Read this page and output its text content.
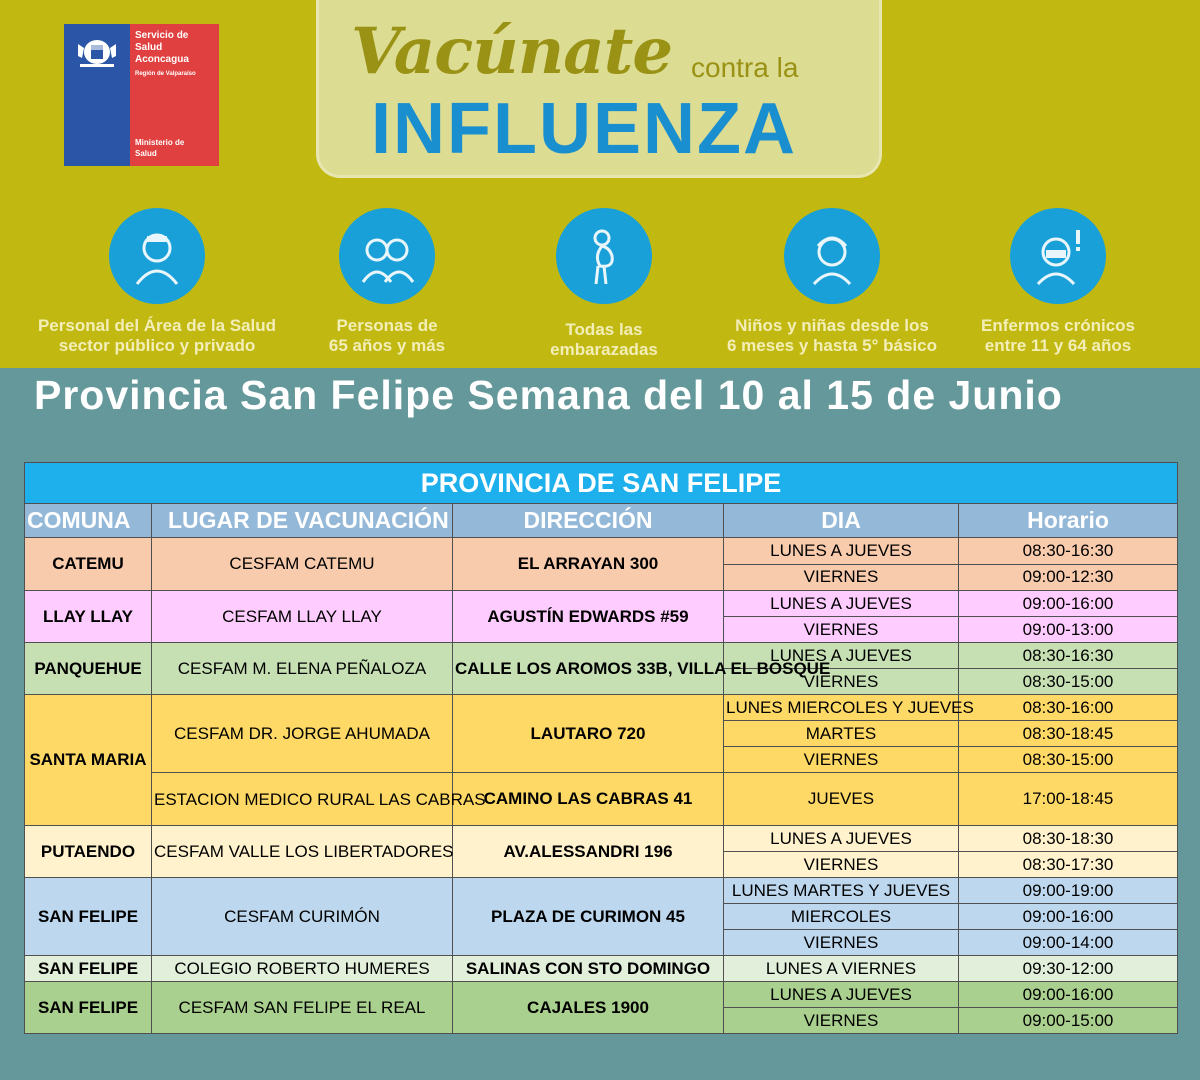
Servicio de
Salud
Aconcagua
Región de Valparaíso
Ministerio de
Salud
Vacúnate contra la
INFLUENZA
Personal del Área de la Salud
sector público y privado
Personas de
65 años y más
Todas las
embarazadas
Niños y niñas desde los
6 meses y hasta 5° básico
Enfermos crónicos
entre 11 y 64 años
Provincia San Felipe Semana del 10 al 15 de Junio
PROVINCIA DE SAN FELIPE				
COMUNA	LUGAR DE VACUNACIÓN	DIRECCIÓN	DIA	Horario
CATEMU	CESFAM CATEMU	EL ARRAYAN 300	LUNES A JUEVES	08:30-16:30
			VIERNES	09:00-12:30
LLAY LLAY	CESFAM LLAY LLAY	AGUSTÍN EDWARDS #59	LUNES A JUEVES	09:00-16:00
			VIERNES	09:00-13:00
PANQUEHUE	CESFAM M. ELENA PEÑALOZA	CALLE LOS AROMOS 33B, VILLA EL BOSQUE	LUNES A JUEVES	08:30-16:30
			VIERNES	08:30-15:00
SANTA MARIA	CESFAM DR. JORGE AHUMADA	LAUTARO 720	LUNES MIERCOLES Y JUEVES	08:30-16:00
			MARTES	08:30-18:45
			VIERNES	08:30-15:00
	ESTACION MEDICO RURAL LAS CABRAS	CAMINO LAS CABRAS 41	JUEVES	17:00-18:45
PUTAENDO	CESFAM VALLE LOS LIBERTADORES	AV.ALESSANDRI 196	LUNES A JUEVES	08:30-18:30
			VIERNES	08:30-17:30
SAN FELIPE	CESFAM CURIMÓN	PLAZA DE CURIMON 45	LUNES MARTES Y JUEVES	09:00-19:00
			MIERCOLES	09:00-16:00
			VIERNES	09:00-14:00
SAN FELIPE	COLEGIO ROBERTO HUMERES	SALINAS CON STO DOMINGO	LUNES A VIERNES	09:30-12:00
SAN FELIPE	CESFAM SAN FELIPE EL REAL	CAJALES 1900	LUNES A JUEVES	09:00-16:00
			VIERNES	09:00-15:00
